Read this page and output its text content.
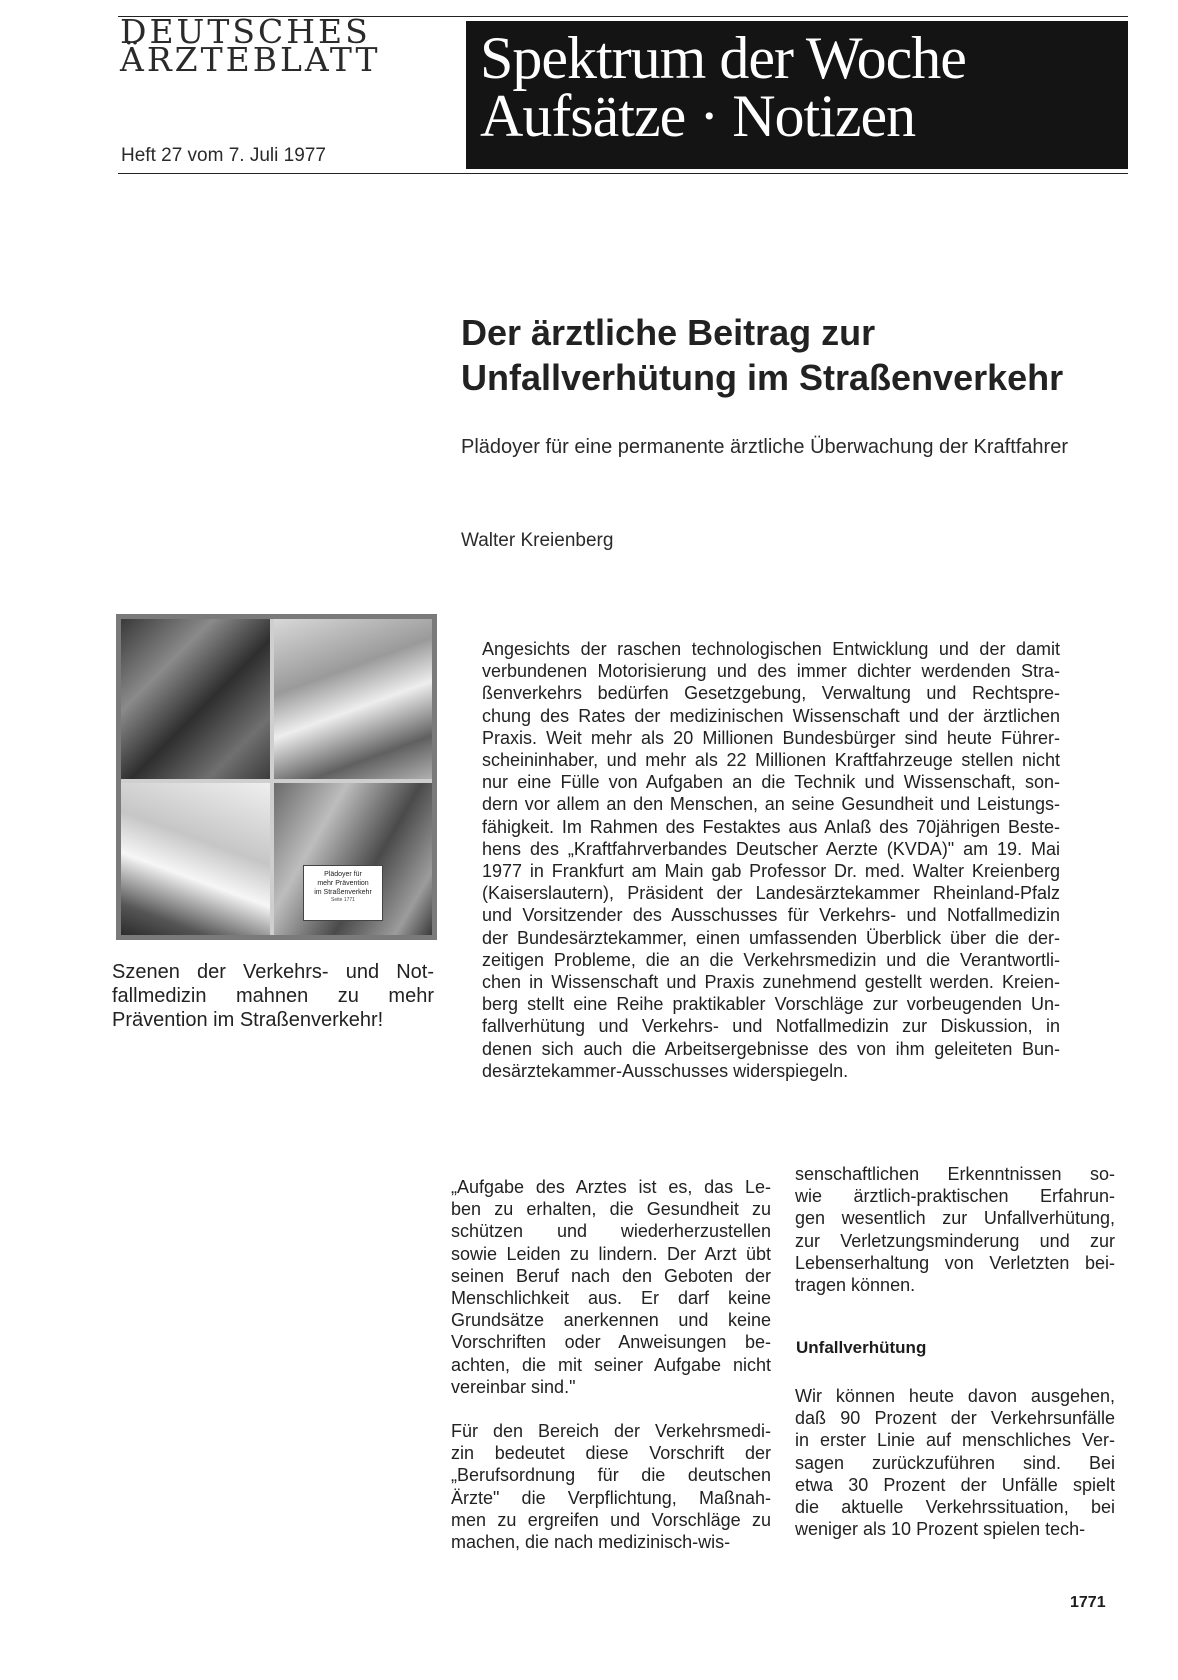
DEUTSCHES
ÄRZTEBLATT
Heft 27 vom 7. Juli 1977
Spektrum der Woche
Aufsätze · Notizen
Der ärztliche Beitrag zur
Unfallverhütung im Straßenverkehr
Plädoyer für eine permanente ärztliche Überwachung der Kraftfahrer
Walter Kreienberg
Plädoyer für
mehr Prävention
im Straßenverkehr
Seite 1771
Szenen der Verkehrs- und Not-
fallmedizin mahnen zu mehr
Prävention im Straßenverkehr!
Angesichts der raschen technologischen Entwicklung und der damit
verbundenen Motorisierung und des immer dichter werdenden Stra-
ßenverkehrs bedürfen Gesetzgebung, Verwaltung und Rechtspre-
chung des Rates der medizinischen Wissenschaft und der ärztlichen
Praxis. Weit mehr als 20 Millionen Bundesbürger sind heute Führer-
scheininhaber, und mehr als 22 Millionen Kraftfahrzeuge stellen nicht
nur eine Fülle von Aufgaben an die Technik und Wissenschaft, son-
dern vor allem an den Menschen, an seine Gesundheit und Leistungs-
fähigkeit. Im Rahmen des Festaktes aus Anlaß des 70jährigen Beste-
hens des „Kraftfahrverbandes Deutscher Aerzte (KVDA)" am 19. Mai
1977 in Frankfurt am Main gab Professor Dr. med. Walter Kreienberg
(Kaiserslautern), Präsident der Landesärztekammer Rheinland-Pfalz
und Vorsitzender des Ausschusses für Verkehrs- und Notfallmedizin
der Bundesärztekammer, einen umfassenden Überblick über die der-
zeitigen Probleme, die an die Verkehrsmedizin und die Verantwortli-
chen in Wissenschaft und Praxis zunehmend gestellt werden. Kreien-
berg stellt eine Reihe praktikabler Vorschläge zur vorbeugenden Un-
fallverhütung und Verkehrs- und Notfallmedizin zur Diskussion, in
denen sich auch die Arbeitsergebnisse des von ihm geleiteten Bun-
desärztekammer-Ausschusses widerspiegeln.
„Aufgabe des Arztes ist es, das Le-
ben zu erhalten, die Gesundheit zu
schützen und wiederherzustellen
sowie Leiden zu lindern. Der Arzt übt
seinen Beruf nach den Geboten der
Menschlichkeit aus. Er darf keine
Grundsätze anerkennen und keine
Vorschriften oder Anweisungen be-
achten, die mit seiner Aufgabe nicht
vereinbar sind."
Für den Bereich der Verkehrsmedi-
zin bedeutet diese Vorschrift der
„Berufsordnung für die deutschen
Ärzte" die Verpflichtung, Maßnah-
men zu ergreifen und Vorschläge zu
machen, die nach medizinisch-wis-
senschaftlichen Erkenntnissen so-
wie ärztlich-praktischen Erfahrun-
gen wesentlich zur Unfallverhütung,
zur Verletzungsminderung und zur
Lebenserhaltung von Verletzten bei-
tragen können.
Unfallverhütung
Wir können heute davon ausgehen,
daß 90 Prozent der Verkehrsunfälle
in erster Linie auf menschliches Ver-
sagen zurückzuführen sind. Bei
etwa 30 Prozent der Unfälle spielt
die aktuelle Verkehrssituation, bei
weniger als 10 Prozent spielen tech-
1771
